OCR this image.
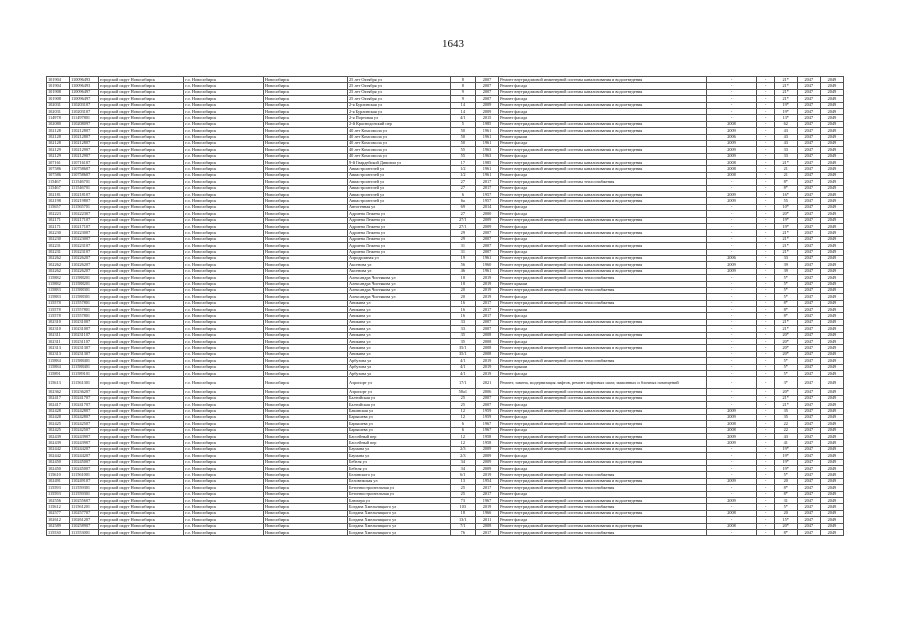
1643
101904	110096493	городской округ Новосибирск	г.о. Новосибирск	Новосибирск	25 лет Октября ул	8	2007	Ремонт внутридомовой инженерной системы канализования и водоотведения	-	-	21*	2047	2049
101904	110096493	городской округ Новосибирск	г.о. Новосибирск	Новосибирск	25 лет Октября ул	8	2007	Ремонт фасада	-	-	21*	2047	2049
101908	110096497	городской округ Новосибирск	г.о. Новосибирск	Новосибирск	25 лет Октября ул	9	2007	Ремонт внутридомовой инженерной системы канализования и водоотведения	-	-	21*	2047	2049
101908	110096497	городской округ Новосибирск	г.о. Новосибирск	Новосибирск	25 лет Октября ул	9	2007	Ремонт фасада	-	-	21*	2047	2049
102031	110203107	городской округ Новосибирск	г.о. Новосибирск	Новосибирск	2-я Бурлинская ул	14	2009	Ремонт внутридомовой инженерной системы канализования и водоотведения	-	-	19*	2047	2049
102031	110203107	городской округ Новосибирск	г.о. Новосибирск	Новосибирск	2-я Бурлинская ул	14	2009	Ремонт фасада	-	-	19*	2047	2049
114978	111497801	городской округ Новосибирск	г.о. Новосибирск	Новосибирск	2-я Портовая ул	4/1	2015	Ремонт фасада	-	-	13*	2047	2049
102080	110208097	городской округ Новосибирск	г.о. Новосибирск	Новосибирск	2-й Краснодонский пер	5	1985	Ремонт внутридомовой инженерной системы канализования и водоотведения	2008	-	62	2047	2049
102128	110212807	городской округ Новосибирск	г.о. Новосибирск	Новосибирск	40 лет Комсомола ул	50	1961	Ремонт внутридомовой инженерной системы канализования и водоотведения	2009	-	43	2047	2049
102128	110212807	городской округ Новосибирск	г.о. Новосибирск	Новосибирск	40 лет Комсомола ул	50	1961	Ремонт крыши	2006	-	43	2047	2049
102128	110212807	городской округ Новосибирск	г.о. Новосибирск	Новосибирск	40 лет Комсомола ул	50	1961	Ремонт фасада	2009	-	43	2047	2049
102129	110212907	городской округ Новосибирск	г.о. Новосибирск	Новосибирск	40 лет Комсомола ул	55	1963	Ремонт внутридомовой инженерной системы канализования и водоотведения	2009	-	33	2047	2049
102129	110212907	городской округ Новосибирск	г.о. Новосибирск	Новосибирск	40 лет Комсомола ул	55	1963	Ремонт фасада	2009	-	33	2047	2049
107161	110716107	городской округ Новосибирск	г.о. Новосибирск	Новосибирск	9-й Гвардейской Дивизии ул	17	1985	Ремонт внутридомовой инженерной системы канализования и водоотведения	2008	-	21*	2047	2049
107586	110758607	городской округ Новосибирск	г.о. Новосибирск	Новосибирск	Авиастроителей ул	1/2	1961	Ремонт внутридомовой инженерной системы канализования и водоотведения	2008	-	21	2047	2049
107586	110758607	городской округ Новосибирск	г.о. Новосибирск	Новосибирск	Авиастроителей ул	1/2	1961	Ремонт фасада	2008	-	21	2047	2049
115467	111546701	городской округ Новосибирск	г.о. Новосибирск	Новосибирск	Авиастроителей ул	27	2017	Ремонт внутридомовой инженерной системы теплоснабжения	-	-	8*	2047	2049
115467	111546701	городской округ Новосибирск	г.о. Новосибирск	Новосибирск	Авиастроителей ул	27	2017	Ремонт фасада	-	-	8*	2047	2049
102181	110218107	городской округ Новосибирск	г.о. Новосибирск	Новосибирск	Авиастроителей ул	6	1957	Ремонт внутридомовой инженерной системы канализования и водоотведения	2009	-	16*	2047	2049
102198	110219807	городской округ Новосибирск	г.о. Новосибирск	Новосибирск	Авиастроителей ул	6а	1957	Ремонт внутридомовой инженерной системы канализования и водоотведения	2009	-	55	2047	2049
115657	111565701	городской округ Новосибирск	г.о. Новосибирск	Новосибирск	Автогенная ул	69	2014	Ремонт фасада	-	-	10*	2047	2049
102223	110222307	городской округ Новосибирск	г.о. Новосибирск	Новосибирск	Адриена Лежена ул	27	2000	Ремонт фасада	-	-	20*	2047	2049
102171	110217107	городской округ Новосибирск	г.о. Новосибирск	Новосибирск	Адриена Лежена ул	27/1	2009	Ремонт внутридомовой инженерной системы канализования и водоотведения	-	-	19*	2047	2049
102171	110217107	городской округ Новосибирск	г.о. Новосибирск	Новосибирск	Адриена Лежена ул	27/1	2009	Ремонт фасада	-	-	19*	2047	2049
102230	110223007	городской округ Новосибирск	г.о. Новосибирск	Новосибирск	Адриена Лежена ул	29	2007	Ремонт внутридомовой инженерной системы канализования и водоотведения	-	-	21*	2047	2049
102230	110223007	городской округ Новосибирск	г.о. Новосибирск	Новосибирск	Адриена Лежена ул	29	2007	Ремонт фасада	-	-	21*	2047	2049
102231	110223107	городской округ Новосибирск	г.о. Новосибирск	Новосибирск	Адриена Лежена ул	31	2007	Ремонт внутридомовой инженерной системы канализования и водоотведения	-	-	21*	2047	2049
102231	110223107	городской округ Новосибирск	г.о. Новосибирск	Новосибирск	Адриена Лежена ул	31	2007	Ремонт фасада	-	-	21*	2047	2049
102262	110226207	городской округ Новосибирск	г.о. Новосибирск	Новосибирск	Аэродромная ул	19	1961	Ремонт внутридомовой инженерной системы канализования и водоотведения	2006	-	33	2047	2049
102262	110226207	городской округ Новосибирск	г.о. Новосибирск	Новосибирск	Аксенова ул	56	1960	Ремонт внутридомовой инженерной системы канализования и водоотведения	2009	-	39	2047	2049
102262	110226207	городской округ Новосибирск	г.о. Новосибирск	Новосибирск	Аксенова ул	46	1961	Ремонт внутридомовой инженерной системы канализования и водоотведения	2009	-	39	2047	2049
115882	111588201	городской округ Новосибирск	г.о. Новосибирск	Новосибирск	Александра Чистякова ул	18	2019	Ремонт внутридомовой инженерной системы теплоснабжения	-	-	5*	2047	2049
115882	111588201	городской округ Новосибирск	г.о. Новосибирск	Новосибирск	Александра Чистякова ул	18	2019	Ремонт крыши	-	-	5*	2047	2049
115883	111588301	городской округ Новосибирск	г.о. Новосибирск	Новосибирск	Александра Чистякова ул	20	2019	Ремонт внутридомовой инженерной системы теплоснабжения	-	-	5*	2047	2049
115883	111588301	городской округ Новосибирск	г.о. Новосибирск	Новосибирск	Александра Чистякова ул	20	2019	Ремонт фасада	-	-	5*	2047	2049
115578	111557801	городской округ Новосибирск	г.о. Новосибирск	Новосибирск	Аникина ул	16	2017	Ремонт внутридомовой инженерной системы теплоснабжения	-	-	8*	2047	2049
115578	111557801	городской округ Новосибирск	г.о. Новосибирск	Новосибирск	Аникина ул	16	2017	Ремонт крыши	-	-	8*	2047	2049
115578	111557801	городской округ Новосибирск	г.о. Новосибирск	Новосибирск	Аникина ул	16	2017	Ремонт фасада	-	-	8*	2047	2049
102310	110231007	городской округ Новосибирск	г.о. Новосибирск	Новосибирск	Аникина ул	33	2007	Ремонт внутридомовой инженерной системы канализования и водоотведения	-	-	21*	2047	2049
102310	110231007	городской округ Новосибирск	г.о. Новосибирск	Новосибирск	Аникина ул	33	2007	Ремонт фасада	-	-	21*	2047	2049
102311	110231107	городской округ Новосибирск	г.о. Новосибирск	Новосибирск	Аникина ул	35	2008	Ремонт внутридомовой инженерной системы канализования и водоотведения	-	-	20*	2047	2049
102311	110231107	городской округ Новосибирск	г.о. Новосибирск	Новосибирск	Аникина ул	35	2008	Ремонт фасада	-	-	20*	2047	2049
102313	110231307	городской округ Новосибирск	г.о. Новосибирск	Новосибирск	Аникина ул	35/1	2008	Ремонт внутридомовой инженерной системы канализования и водоотведения	-	-	20*	2047	2049
102313	110231307	городской округ Новосибирск	г.о. Новосибирск	Новосибирск	Аникина ул	35/1	2008	Ремонт фасада	-	-	20*	2047	2049
115884	111588401	городской округ Новосибирск	г.о. Новосибирск	Новосибирск	Арбузова ул	4/1	2019	Ремонт внутридомовой инженерной системы теплоснабжения	-	-	5*	2047	2049
115884	111588401	городской округ Новосибирск	г.о. Новосибирск	Новосибирск	Арбузова ул	4/1	2019	Ремонт крыши	-	-	5*	2047	2049
115891	111589101	городской округ Новосибирск	г.о. Новосибирск	Новосибирск	Арбузова ул	4/1	2019	Ремонт фасада	-	-	5*	2047	2049
115613	111561301	городской округ Новосибирск	г.о. Новосибирск	Новосибирск	Аэропорт ул	17/1	2021	Ремонт, замена, модернизация лифтов, ремонт лифтовых шахт, машинных и блочных помещений	-	-	3*	2047	2049
102362	110236207	городской округ Новосибирск	г.о. Новосибирск	Новосибирск	Аэропорт ул	58а1	2006	Ремонт внутридомовой инженерной системы канализования и водоотведения	-	-	20*	2047	2049
102417	110241707	городской округ Новосибирск	г.о. Новосибирск	Новосибирск	Балтийская ул	25	2007	Ремонт внутридомовой инженерной системы канализования и водоотведения	-	-	21*	2047	2049
102417	110241707	городской округ Новосибирск	г.о. Новосибирск	Новосибирск	Балтийская ул	25	2007	Ремонт фасада	-	-	21*	2047	2049
102428	110242807	городской округ Новосибирск	г.о. Новосибирск	Новосибирск	Бакинская ул	12	1959	Ремонт внутридомовой инженерной системы канализования и водоотведения	2009	-	35	2047	2049
102428	110242807	городской округ Новосибирск	г.о. Новосибирск	Новосибирск	Барышева ул	12	1959	Ремонт фасада	2009	-	35	2047	2049
102425	110242507	городской округ Новосибирск	г.о. Новосибирск	Новосибирск	Барышева ул	6	1967	Ремонт внутридомовой инженерной системы канализования и водоотведения	2008	-	22	2047	2049
102425	110242507	городской округ Новосибирск	г.о. Новосибирск	Новосибирск	Барышева ул	6	1967	Ремонт фасада	2008	-	22	2047	2049
102439	110243907	городской округ Новосибирск	г.о. Новосибирск	Новосибирск	Бассейный пер	12	1958	Ремонт внутридомовой инженерной системы канализования и водоотведения	2009	-	43	2047	2049
102439	110243907	городской округ Новосибирск	г.о. Новосибирск	Новосибирск	Бассейный пер	12	1958	Ремонт внутридомовой инженерной системы канализования и водоотведения	2009	-	41	2047	2049
102442	110244207	городской округ Новосибирск	г.о. Новосибирск	Новосибирск	Баумана ул	2/3	2009	Ремонт внутридомовой инженерной системы канализования и водоотведения	-	-	19*	2047	2049
102442	110244207	городской округ Новосибирск	г.о. Новосибирск	Новосибирск	Баумана ул	2/3	2009	Ремонт фасада	-	-	19*	2047	2049
102450	110245007	городской округ Новосибирск	г.о. Новосибирск	Новосибирск	Бебеля ул	34	2009	Ремонт внутридомовой инженерной системы канализования и водоотведения	-	-	19*	2047	2049
102450	110245007	городской округ Новосибирск	г.о. Новосибирск	Новосибирск	Бебеля ул	34	2009	Ремонт фасада	-	-	19*	2047	2049
115610	111561001	городской округ Новосибирск	г.о. Новосибирск	Новосибирск	Белинского ул	6/1	2019	Ремонт внутридомовой инженерной системы теплоснабжения	-	-	5*	2047	2049
102491	110249107	городской округ Новосибирск	г.о. Новосибирск	Новосибирск	Беловежская ул	13	1954	Ремонт внутридомовой инженерной системы канализования и водоотведения	2009	-	20	2047	2049
115593	111559301	городской округ Новосибирск	г.о. Новосибирск	Новосибирск	Бетонностроительная ул	25	2017	Ремонт внутридомовой инженерной системы теплоснабжения	-	-	8*	2047	2049
115593	111559301	городской округ Новосибирск	г.о. Новосибирск	Новосибирск	Бетонностроительная ул	25	2017	Ремонт фасада	-	-	8*	2047	2049
102556	110255607	городской округ Новосибирск	г.о. Новосибирск	Новосибирск	Блюхера ул	73	1967	Ремонт внутридомовой инженерной системы канализования и водоотведения	2009	-	31	2047	2049
115612	111561201	городской округ Новосибирск	г.о. Новосибирск	Новосибирск	Богдана Хмельницкого ул	103	2019	Ремонт внутридомовой инженерной системы теплоснабжения	-	-	5*	2047	2049
102577	110257707	городской округ Новосибирск	г.о. Новосибирск	Новосибирск	Богдана Хмельницкого ул	18	1966	Ремонт внутридомовой инженерной системы канализования и водоотведения	2008	-	20	2047	2049
102612	110261207	городской округ Новосибирск	г.о. Новосибирск	Новосибирск	Богдана Хмельницкого ул	13/1	2011	Ремонт фасада	-	-	15*	2047	2049
102589	110258907	городской округ Новосибирск	г.о. Новосибирск	Новосибирск	Богдана Хмельницкого ул	7/1	2008	Ремонт внутридомовой инженерной системы канализования и водоотведения	2008	-	20*	2047	2049
115530	111553001	городской округ Новосибирск	г.о. Новосибирск	Новосибирск	Богдана Хмельницкого ул	76	2017	Ремонт внутридомовой инженерной системы теплоснабжения	-	-	8*	2047	2049
